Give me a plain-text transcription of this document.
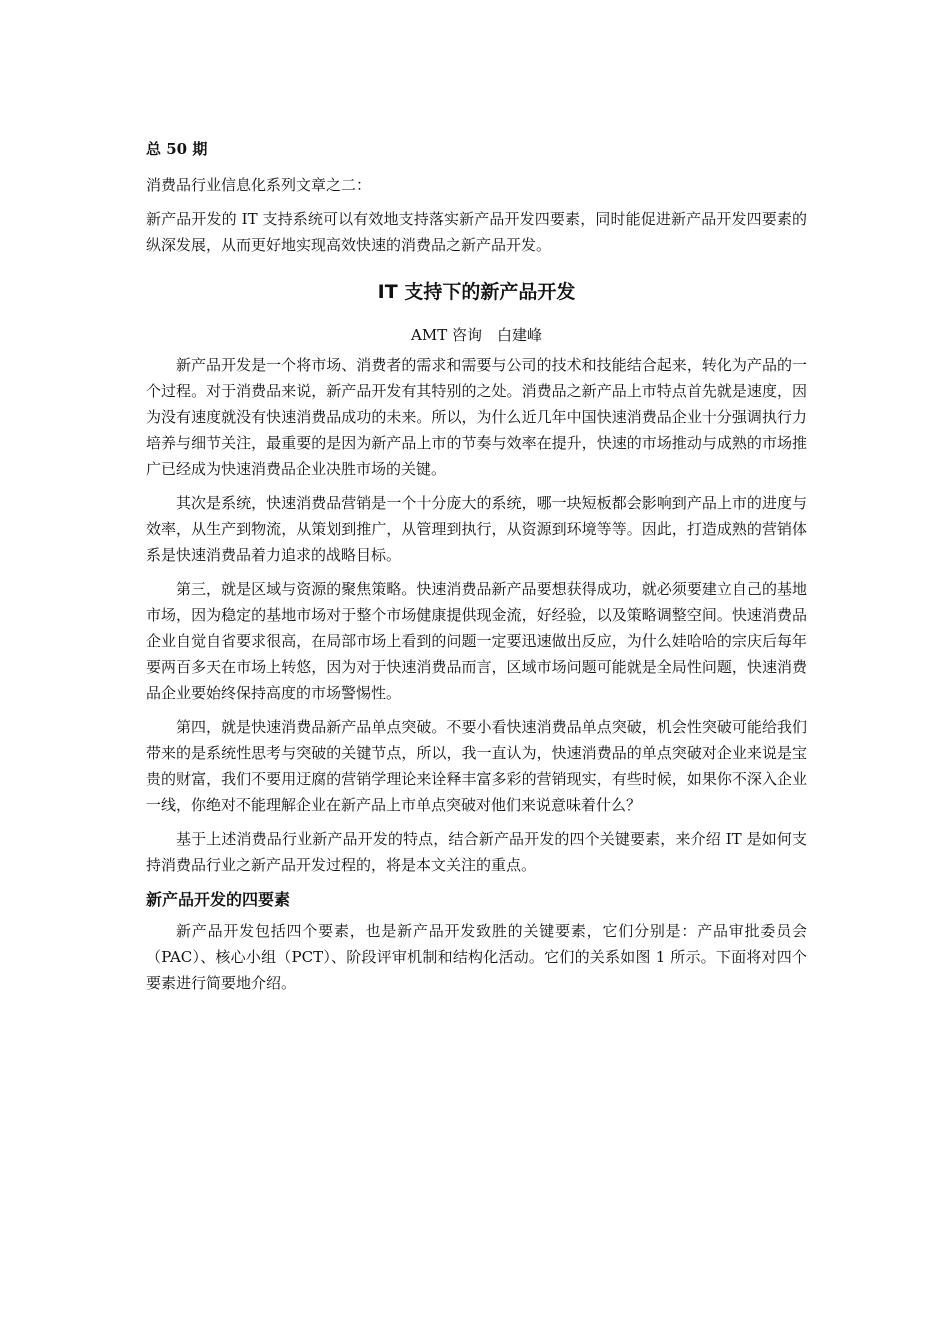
总 50 期

消费品行业信息化系列文章之二：

新产品开发的 IT 支持系统可以有效地支持落实新产品开发四要素，同时能促进新产品开发四要素的纵深发展，从而更好地实现高效快速的消费品之新产品开发。

IT 支持下的新产品开发

AMT 咨询　白建峰

新产品开发是一个将市场、消费者的需求和需要与公司的技术和技能结合起来，转化为产品的一个过程。对于消费品来说，新产品开发有其特别的之处。消费品之新产品上市特点首先就是速度，因为没有速度就没有快速消费品成功的未来。所以，为什么近几年中国快速消费品企业十分强调执行力培养与细节关注，最重要的是因为新产品上市的节奏与效率在提升，快速的市场推动与成熟的市场推广已经成为快速消费品企业决胜市场的关键。

其次是系统，快速消费品营销是一个十分庞大的系统，哪一块短板都会影响到产品上市的进度与效率，从生产到物流，从策划到推广，从管理到执行，从资源到环境等等。因此，打造成熟的营销体系是快速消费品着力追求的战略目标。

第三，就是区域与资源的聚焦策略。快速消费品新产品要想获得成功，就必须要建立自己的基地市场，因为稳定的基地市场对于整个市场健康提供现金流，好经验，以及策略调整空间。快速消费品企业自觉自省要求很高，在局部市场上看到的问题一定要迅速做出反应，为什么娃哈哈的宗庆后每年要两百多天在市场上转悠，因为对于快速消费品而言，区域市场问题可能就是全局性问题，快速消费品企业要始终保持高度的市场警惕性。

第四，就是快速消费品新产品单点突破。不要小看快速消费品单点突破，机会性突破可能给我们带来的是系统性思考与突破的关键节点，所以，我一直认为，快速消费品的单点突破对企业来说是宝贵的财富，我们不要用迂腐的营销学理论来诠释丰富多彩的营销现实，有些时候，如果你不深入企业一线，你绝对不能理解企业在新产品上市单点突破对他们来说意味着什么？

基于上述消费品行业新产品开发的特点，结合新产品开发的四个关键要素，来介绍 IT 是如何支持消费品行业之新产品开发过程的，将是本文关注的重点。

新产品开发的四要素

新产品开发包括四个要素，也是新产品开发致胜的关键要素，它们分别是：产品审批委员会（PAC）、核心小组（PCT）、阶段评审机制和结构化活动。它们的关系如图 1 所示。下面将对四个要素进行简要地介绍。
